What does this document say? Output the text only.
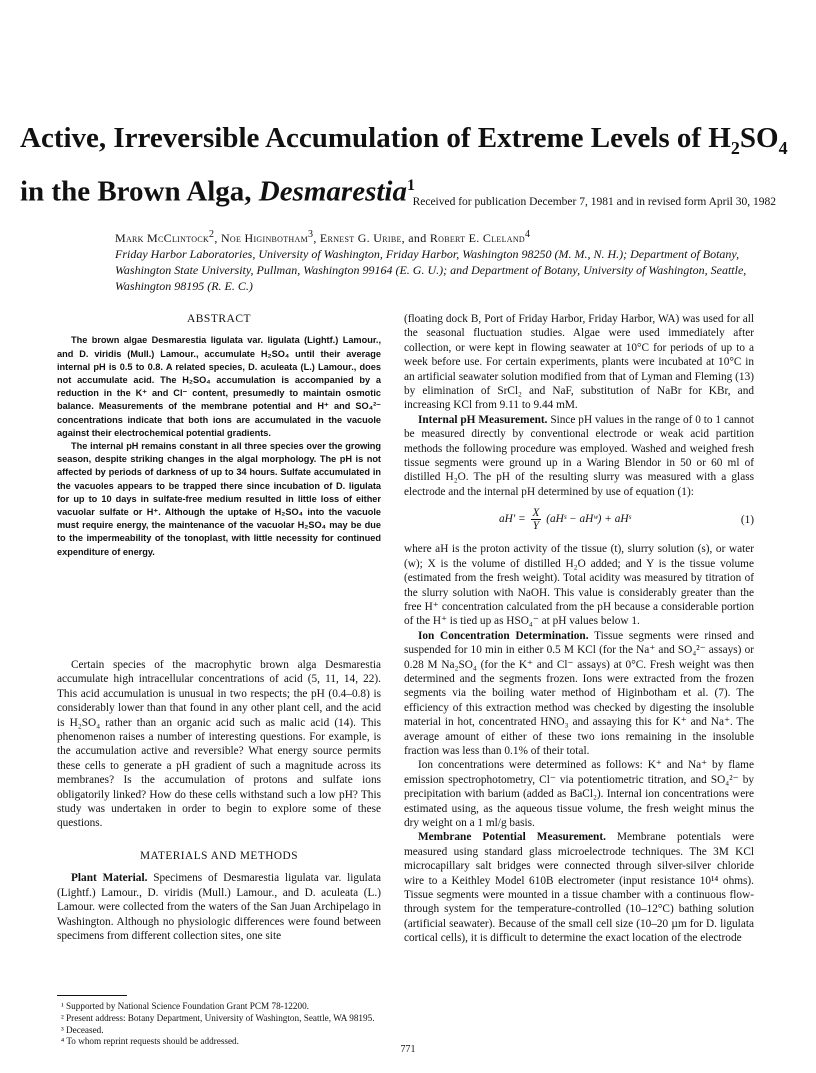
Active, Irreversible Accumulation of Extreme Levels of $H_2SO_4$ in the Brown Alga, Desmarestia$^1$
Received for publication December 7, 1981 and in revised form April 30, 1982
Mark McClintock$^2$, Noe Higinbotham$^3$, Ernest G. Uribe, and Robert E. Cleland$^4$
Friday Harbor Laboratories, University of Washington, Friday Harbor, Washington 98250 (M. M., N. H.); Department of Botany, Washington State University, Pullman, Washington 99164 (E. G. U.); and Department of Botany, University of Washington, Seattle, Washington 98195 (R. E. C.)
ABSTRACT

The brown algae Desmarestia ligulata var. ligulata (Lightf.) Lamour., and D. viridis (Mull.) Lamour., accumulate H₂SO₄ until their average internal pH is 0.5 to 0.8. A related species, D. aculeata (L.) Lamour., does not accumulate acid. The H₂SO₄ accumulation is accompanied by a reduction in the K⁺ and Cl⁻ content, presumedly to maintain osmotic balance. Measurements of the membrane potential and H⁺ and SO₄²⁻ concentrations indicate that both ions are accumulated in the vacuole against their electrochemical potential gradients.

The internal pH remains constant in all three species over the growing season, despite striking changes in the algal morphology. The pH is not affected by periods of darkness of up to 34 hours. Sulfate accumulated in the vacuoles appears to be trapped there since incubation of D. ligulata for up to 10 days in sulfate-free medium resulted in little loss of either vacuolar sulfate or H⁺. Although the uptake of H₂SO₄ into the vacuole must require energy, the maintenance of the vacuolar H₂SO₄ may be due to the impermeability of the tonoplast, with little necessity for continued expenditure of energy.

Certain species of the macrophytic brown alga Desmarestia accumulate high intracellular concentrations of acid (5, 11, 14, 22). This acid accumulation is unusual in two respects; the pH (0.4–0.8) is considerably lower than that found in any other plant cell, and the acid is H₂SO₄ rather than an organic acid such as malic acid (14). This phenomenon raises a number of interesting questions. For example, is the accumulation active and reversible? What energy source permits these cells to generate a pH gradient of such a magnitude across its membranes? Is the accumulation of protons and sulfate ions obligatorily linked? How do these cells withstand such a low pH? This study was undertaken in order to begin to explore some of these questions.

MATERIALS AND METHODS

Plant Material. Specimens of Desmarestia ligulata var. ligulata (Lightf.) Lamour., D. viridis (Mull.) Lamour., and D. aculeata (L.) Lamour. were collected from the waters of the San Juan Archipelago in Washington. Although no physiologic differences were found between specimens from different collection sites, one site

(floating dock B, Port of Friday Harbor, Friday Harbor, WA) was used for all the seasonal fluctuation studies. Algae were used immediately after collection, or were kept in flowing seawater at 10°C for periods of up to a week before use. For certain experiments, plants were incubated at 10°C in an artificial seawater solution modified from that of Lyman and Fleming (13) by elimination of SrCl₂ and NaF, substitution of NaBr for KBr, and increasing KCl from 9.11 to 9.44 mM.

Internal pH Measurement. Since pH values in the range of 0 to 1 cannot be measured directly by conventional electrode or weak acid partition methods the following procedure was employed. Washed and weighed fresh tissue segments were ground up in a Waring Blendor in 50 or 60 ml of distilled H₂O. The pH of the resulting slurry was measured with a glass electrode and the internal pH determined by use of equation (1):

$aH' = \frac{X}{Y}$ (aHˢ − aHʷ) + aHˢ	(1)

where aH is the proton activity of the tissue (t), slurry solution (s), or water (w); X is the volume of distilled H₂O added; and Y is the tissue volume (estimated from the fresh weight). Total acidity was measured by titration of the slurry solution with NaOH. This value is considerably greater than the free H⁺ concentration calculated from the pH because a considerable portion of the H⁺ is tied up as HSO₄⁻ at pH values below 1.

Ion Concentration Determination. Tissue segments were rinsed and suspended for 10 min in either 0.5 M KCl (for the Na⁺ and SO₄²⁻ assays) or 0.28 M Na₂SO₄ (for the K⁺ and Cl⁻ assays) at 0°C. Fresh weight was then determined and the segments frozen. Ions were extracted from the frozen segments via the boiling water method of Higinbotham et al. (7). The efficiency of this extraction method was checked by digesting the insoluble material in hot, concentrated HNO₃ and assaying this for K⁺ and Na⁺. The average amount of either of these two ions remaining in the insoluble fraction was less than 0.1% of their total.

Ion concentrations were determined as follows: K⁺ and Na⁺ by flame emission spectrophotometry, Cl⁻ via potentiometric titration, and SO₄²⁻ by precipitation with barium (added as BaCl₂). Internal ion concentrations were estimated using, as the aqueous tissue volume, the fresh weight minus the dry weight on a 1 ml/g basis.

Membrane Potential Measurement. Membrane potentials were measured using standard glass microelectrode techniques. The 3M KCl microcapillary salt bridges were connected through silver-silver chloride wire to a Keithley Model 610B electrometer (input resistance 10¹⁴ ohms). Tissue segments were mounted in a tissue chamber with a continuous flow-through system for the temperature-controlled (10–12°C) bathing solution (artificial seawater). Because of the small cell size (10–20 µm for D. ligulata cortical cells), it is difficult to determine the exact location of the electrode

¹ Supported by National Science Foundation Grant PCM 78-12200.
² Present address: Botany Department, University of Washington, Seattle, WA 98195.
³ Deceased.
⁴ To whom reprint requests should be addressed.
771
